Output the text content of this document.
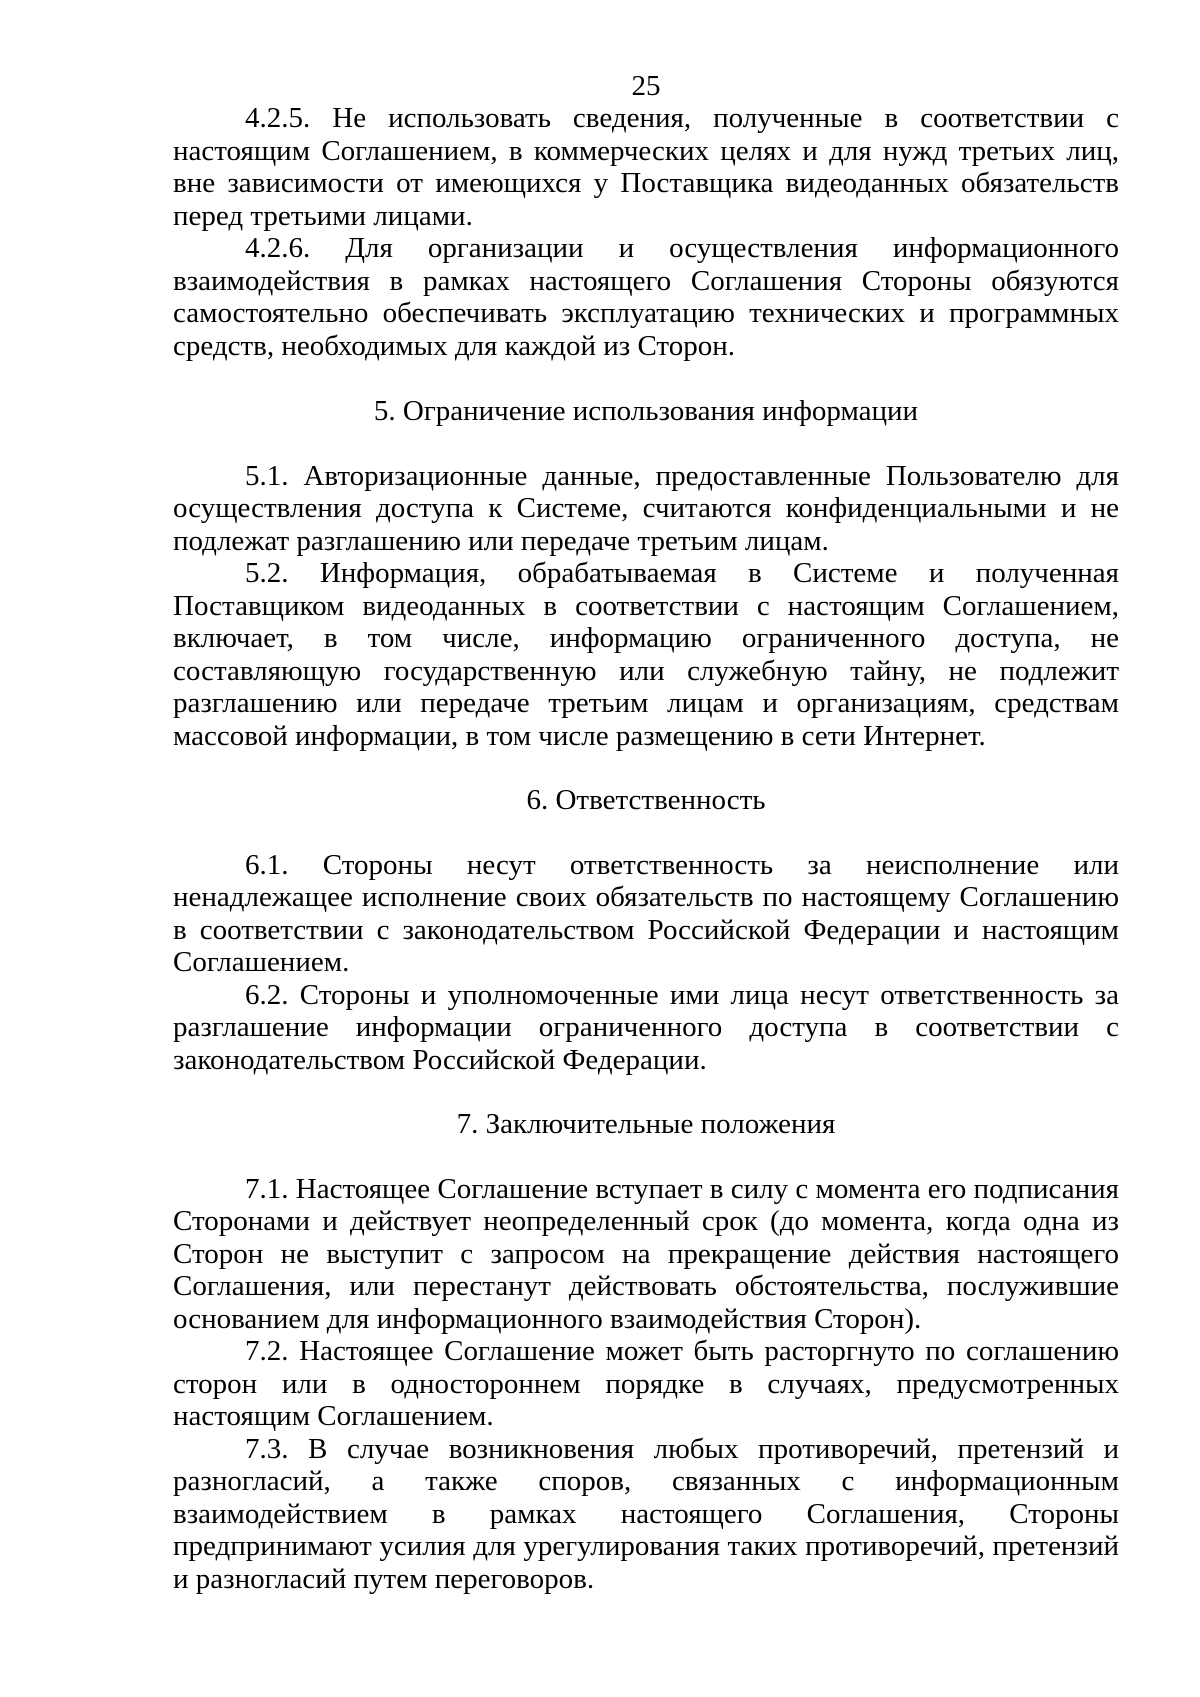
25

4.2.5. Не использовать сведения, полученные в соответствии с настоящим Соглашением, в коммерческих целях и для нужд третьих лиц, вне зависимости от имеющихся у Поставщика видеоданных обязательств перед третьими лицами.

4.2.6. Для организации и осуществления информационного взаимодействия в рамках настоящего Соглашения Стороны обязуются самостоятельно обеспечивать эксплуатацию технических и программных средств, необходимых для каждой из Сторон.

5. Ограничение использования информации

5.1. Авторизационные данные, предоставленные Пользователю для осуществления доступа к Системе, считаются конфиденциальными и не подлежат разглашению или передаче третьим лицам.

5.2. Информация, обрабатываемая в Системе и полученная Поставщиком видеоданных в соответствии с настоящим Соглашением, включает, в том числе, информацию ограниченного доступа, не составляющую государственную или служебную тайну, не подлежит разглашению или передаче третьим лицам и организациям, средствам массовой информации, в том числе размещению в сети Интернет.

6. Ответственность

6.1. Стороны несут ответственность за неисполнение или ненадлежащее исполнение своих обязательств по настоящему Соглашению в соответствии с законодательством Российской Федерации и настоящим Соглашением.

6.2. Стороны и уполномоченные ими лица несут ответственность за разглашение информации ограниченного доступа в соответствии с законодательством Российской Федерации.

7. Заключительные положения

7.1. Настоящее Соглашение вступает в силу с момента его подписания Сторонами и действует неопределенный срок (до момента, когда одна из Сторон не выступит с запросом на прекращение действия настоящего Соглашения, или перестанут действовать обстоятельства, послужившие основанием для информационного взаимодействия Сторон).

7.2. Настоящее Соглашение может быть расторгнуто по соглашению сторон или в одностороннем порядке в случаях, предусмотренных настоящим Соглашением.

7.3. В случае возникновения любых противоречий, претензий и разногласий, а также споров, связанных с информационным взаимодействием в рамках настоящего Соглашения, Стороны предпринимают усилия для урегулирования таких противоречий, претензий и разногласий путем переговоров.
